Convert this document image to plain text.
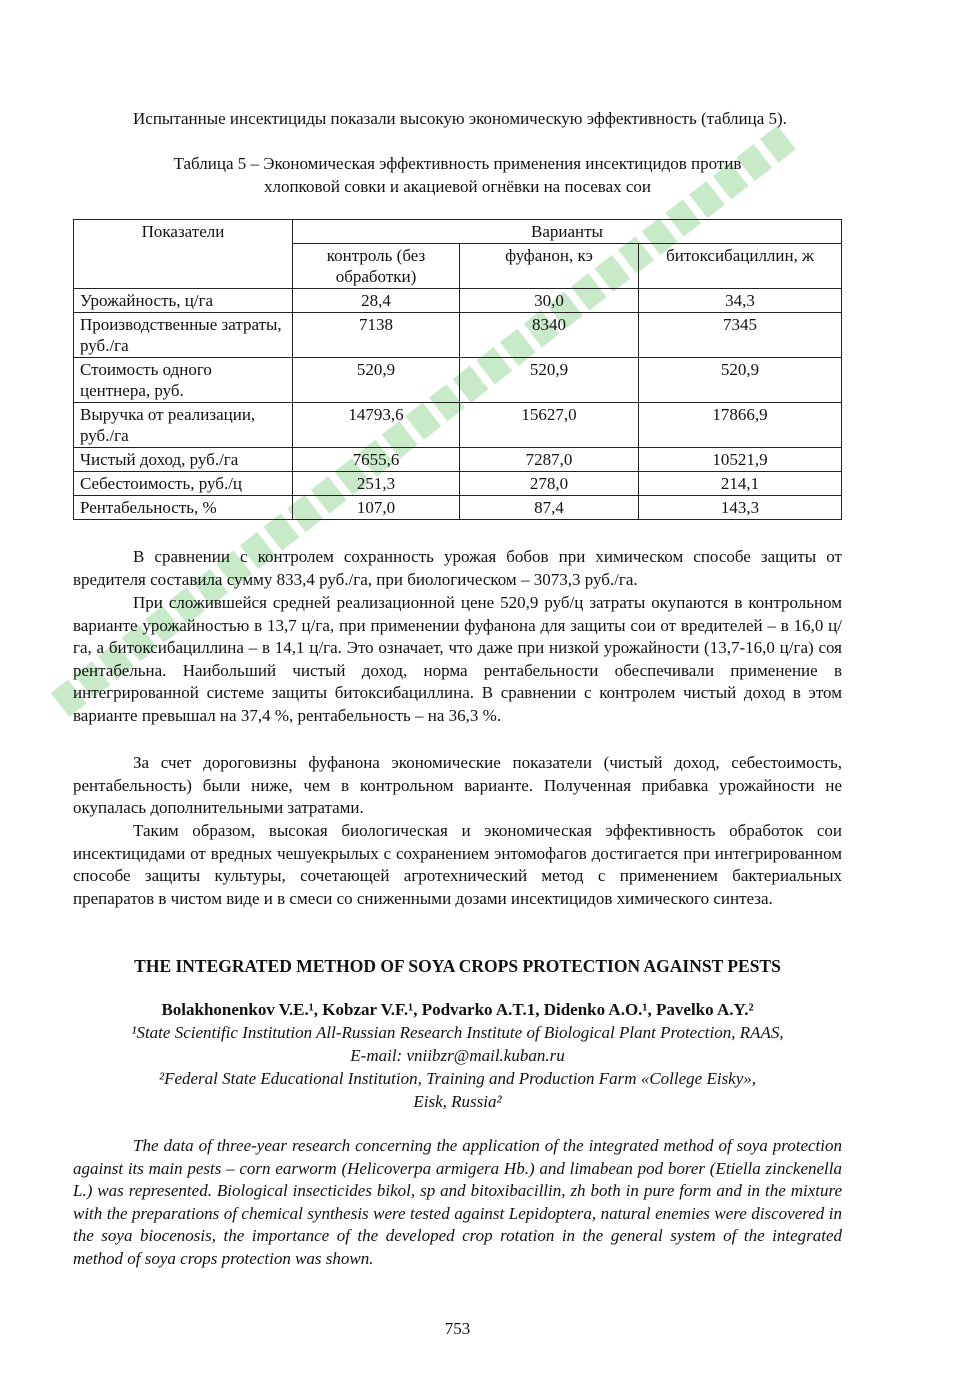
Испытанные инсектициды показали высокую экономическую эффективность (таблица 5).
Таблица 5 – Экономическая эффективность применения инсектицидов против
хлопковой совки и акациевой огнёвки на посевах сои
Показатели	Варианты		
	контроль (без обработки)	фуфанон, кэ	битоксибациллин, ж
Урожайность, ц/га	28,4	30,0	34,3
Производственные затраты, руб./га	7138	8340	7345
Стоимость одного центнера, руб.	520,9	520,9	520,9
Выручка от реализации, руб./га	14793,6	15627,0	17866,9
Чистый доход, руб./га	7655,6	7287,0	10521,9
Себестоимость, руб./ц	251,3	278,0	214,1
Рентабельность, %	107,0	87,4	143,3
В сравнении с контролем сохранность урожая бобов при химическом способе защиты от вредителя составила сумму 833,4 руб./га, при биологическом – 3073,3 руб./га.
При сложившейся средней реализационной цене 520,9 руб/ц затраты окупаются в контрольном варианте урожайностью в 13,7 ц/га, при применении фуфанона для защиты сои от вредителей – в 16,0 ц/га, а битоксибациллина – в 14,1 ц/га. Это означает, что даже при низкой урожайности (13,7-16,0 ц/га) соя рентабельна. Наибольший чистый доход, норма рентабельности обеспечивали применение в интегрированной системе защиты битоксибациллина. В сравнении с контролем чистый доход в этом варианте превышал на 37,4 %, рентабельность – на 36,3 %.
За счет дороговизны фуфанона экономические показатели (чистый доход, себестоимость, рентабельность) были ниже, чем в контрольном варианте. Полученная прибавка урожайности не окупалась дополнительными затратами.
Таким образом, высокая биологическая и экономическая эффективность обработок сои инсектицидами от вредных чешуекрылых с сохранением энтомофагов достигается при интегрированном способе защиты культуры, сочетающей агротехнический метод с применением бактериальных препаратов в чистом виде и в смеси со сниженными дозами инсектицидов химического синтеза.
THE INTEGRATED METHOD OF SOYA CROPS PROTECTION AGAINST PESTS
Bolakhonenkov V.E.¹, Kobzar V.F.¹, Podvarko A.T.1, Didenko A.O.¹, Pavelko A.Y.²
¹State Scientific Institution All-Russian Research Institute of Biological Plant Protection, RAAS,
E-mail: vniibzr@mail.kuban.ru
²Federal State Educational Institution, Training and Production Farm «College Eisky»,
Eisk, Russia²
The data of three-year research concerning the application of the integrated method of soya protection against its main pests – corn earworm (Helicoverpa armigera Hb.) and limabean pod borer (Etiella zinckenella L.) was represented. Biological insecticides bikol, sp and bitoxibacillin, zh both in pure form and in the mixture with the preparations of chemical synthesis were tested against Lepidoptera, natural enemies were discovered in the soya biocenosis, the importance of the developed crop rotation in the general system of the integrated method of soya crops protection was shown.
753
